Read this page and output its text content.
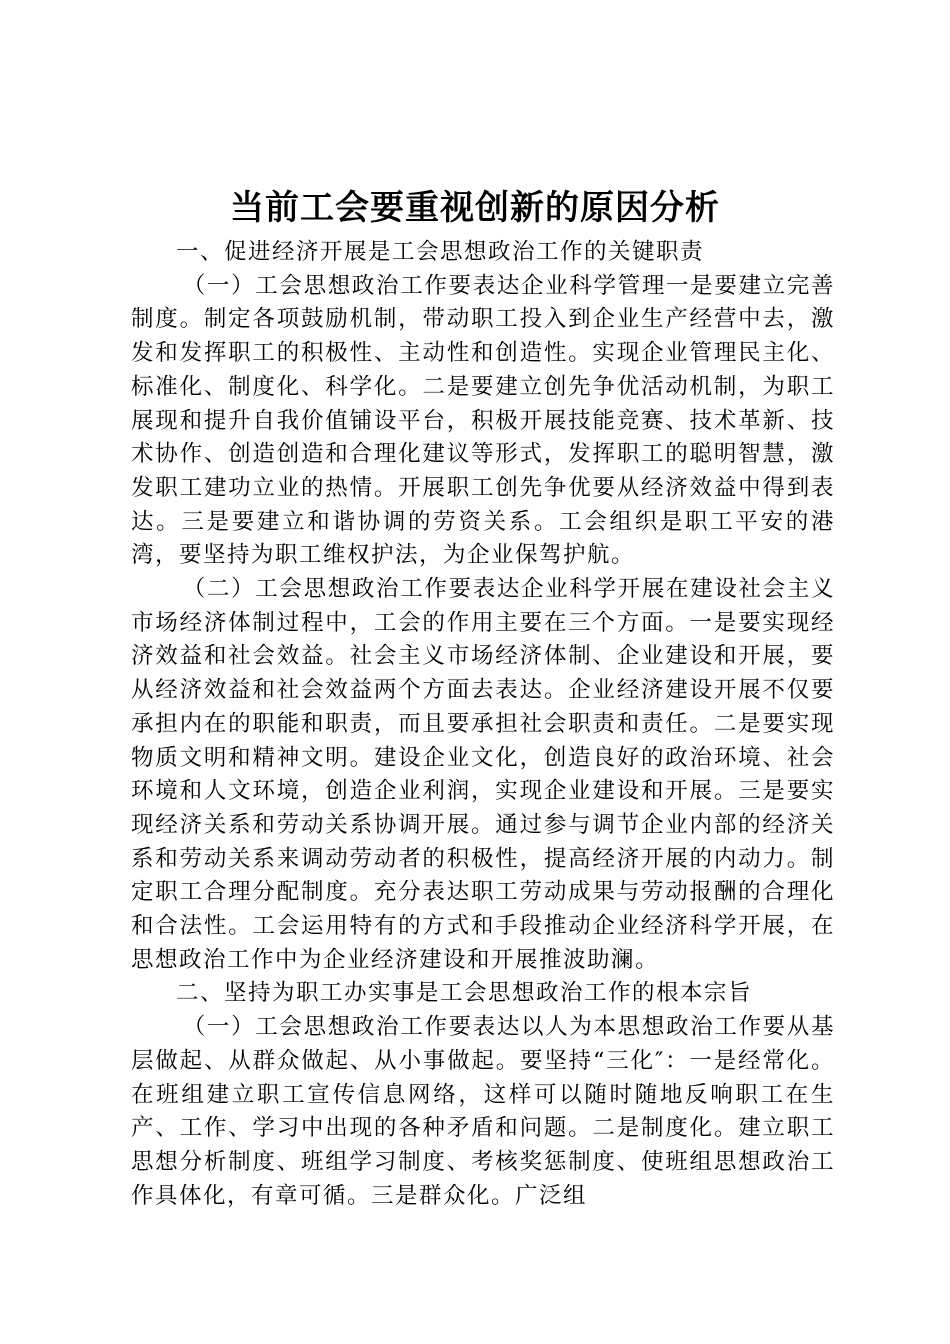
当前工会要重视创新的原因分析

一、促进经济开展是工会思想政治工作的关键职责

（一）工会思想政治工作要表达企业科学管理一是要建立完善制度。制定各项鼓励机制，带动职工投入到企业生产经营中去，激发和发挥职工的积极性、主动性和创造性。实现企业管理民主化、标准化、制度化、科学化。二是要建立创先争优活动机制，为职工展现和提升自我价值铺设平台，积极开展技能竞赛、技术革新、技术协作、创造创造和合理化建议等形式，发挥职工的聪明智慧，激发职工建功立业的热情。开展职工创先争优要从经济效益中得到表达。三是要建立和谐协调的劳资关系。工会组织是职工平安的港湾，要坚持为职工维权护法，为企业保驾护航。

（二）工会思想政治工作要表达企业科学开展在建设社会主义市场经济体制过程中，工会的作用主要在三个方面。一是要实现经济效益和社会效益。社会主义市场经济体制、企业建设和开展，要从经济效益和社会效益两个方面去表达。企业经济建设开展不仅要承担内在的职能和职责，而且要承担社会职责和责任。二是要实现物质文明和精神文明。建设企业文化，创造良好的政治环境、社会环境和人文环境，创造企业利润，实现企业建设和开展。三是要实现经济关系和劳动关系协调开展。通过参与调节企业内部的经济关系和劳动关系来调动劳动者的积极性，提高经济开展的内动力。制定职工合理分配制度。充分表达职工劳动成果与劳动报酬的合理化和合法性。工会运用特有的方式和手段推动企业经济科学开展，在思想政治工作中为企业经济建设和开展推波助澜。

二、坚持为职工办实事是工会思想政治工作的根本宗旨

（一）工会思想政治工作要表达以人为本思想政治工作要从基层做起、从群众做起、从小事做起。要坚持“三化″：一是经常化。在班组建立职工宣传信息网络，这样可以随时随地反响职工在生产、工作、学习中出现的各种矛盾和问题。二是制度化。建立职工思想分析制度、班组学习制度、考核奖惩制度、使班组思想政治工作具体化，有章可循。三是群众化。广泛组
